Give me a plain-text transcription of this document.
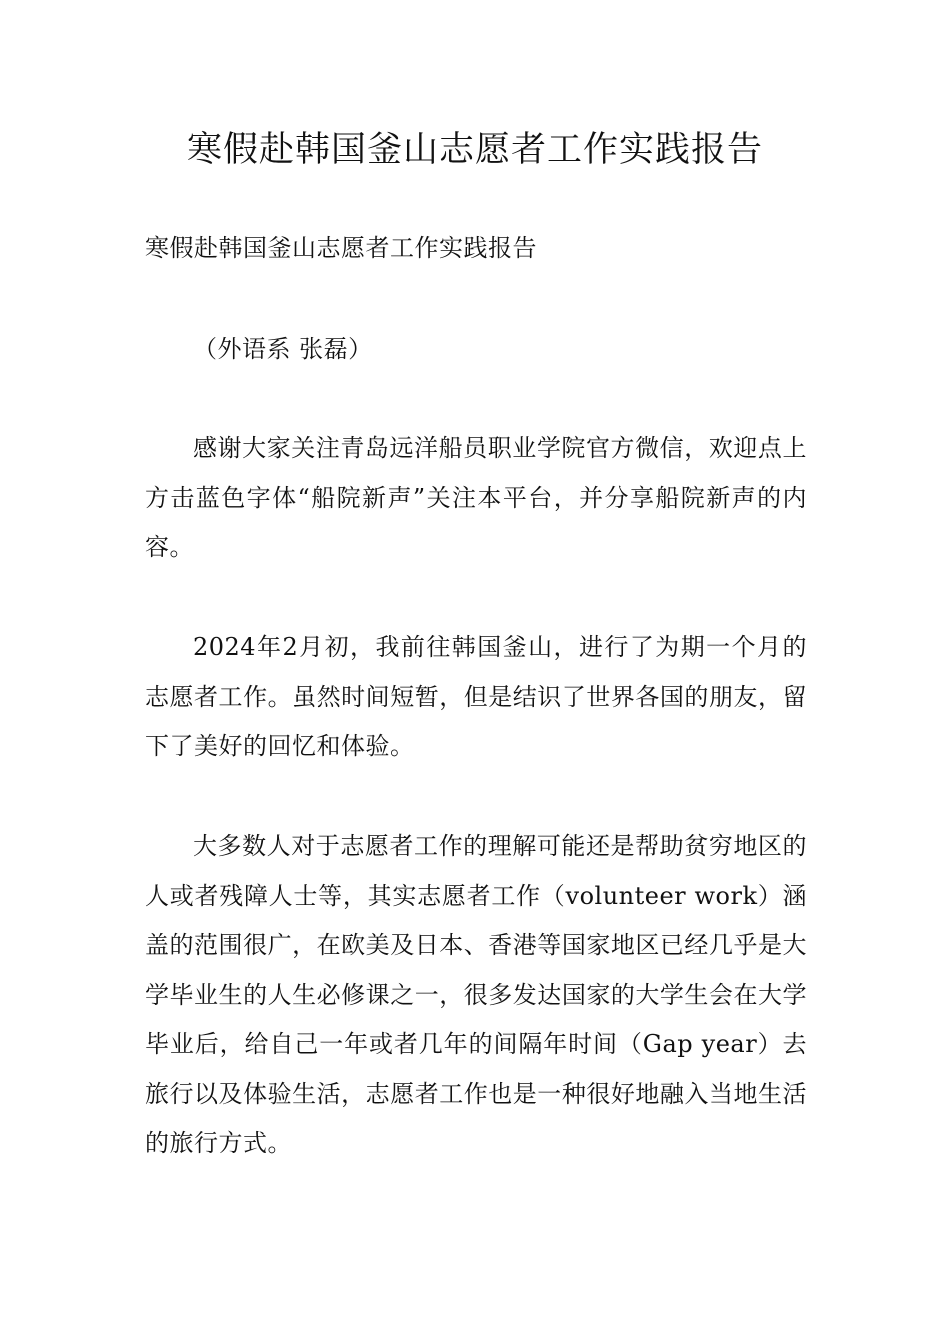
寒假赴韩国釜山志愿者工作实践报告

寒假赴韩国釜山志愿者工作实践报告

（外语系 张磊）

感谢大家关注青岛远洋船员职业学院官方微信，欢迎点上方击蓝色字体“船院新声”关注本平台，并分享船院新声的内容。

2024年2月初，我前往韩国釜山，进行了为期一个月的志愿者工作。虽然时间短暂，但是结识了世界各国的朋友，留下了美好的回忆和体验。

大多数人对于志愿者工作的理解可能还是帮助贫穷地区的人或者残障人士等，其实志愿者工作（volunteer work）涵盖的范围很广，在欧美及日本、香港等国家地区已经几乎是大学毕业生的人生必修课之一，很多发达国家的大学生会在大学毕业后，给自己一年或者几年的间隔年时间（Gap year）去旅行以及体验生活，志愿者工作也是一种很好地融入当地生活的旅行方式。
